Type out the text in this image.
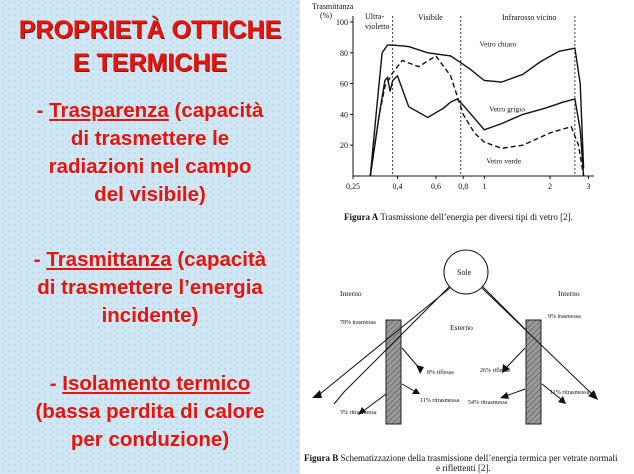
PROPRIETÀ OTTICHE
E TERMICHE
- Trasparenza (capacità
di trasmettere le
radiazioni nel campo
del visibile)
- Trasmittanza (capacità
di trasmettere l’energia
incidente)
- Isolamento termico
(bassa perdita di calore
per conduzione)
Trasmittanza
(%)
20
40
60
80
100
0,25	0,4	0,6 0,8 1	2	3
Vetro chiaro
Vetro grigio
Vetro verde
Ultra-
violetto
Visibile	Infrarosso vicino
Figura A Trasmissione dell’energia per diversi tipi di vetro [2].
Sole
Interno	Interno
Esterno
78% trasmessa
8% riflessa
11% ritrasmessa
3% ritrasmessa
9% trasmessa
26% riflessa
54% ritrasmessa
11% ritrasmessa
Figura B Schematizzazione della trasmissione dell’energia termica per vetrate normali
e riflettenti [2].
